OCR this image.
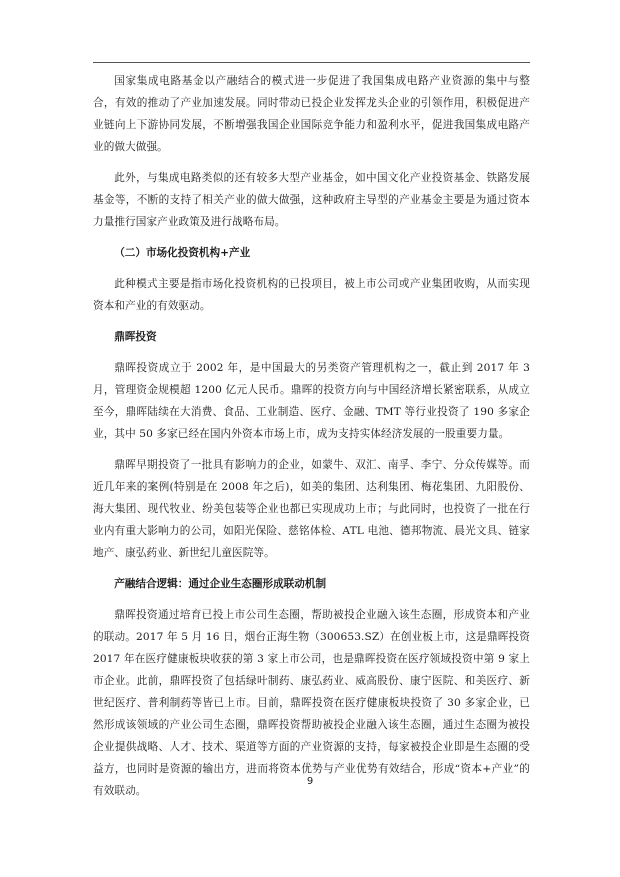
国家集成电路基金以产融结合的模式进一步促进了我国集成电路产业资源的集中与整合，有效的推动了产业加速发展。同时带动已投企业发挥龙头企业的引领作用，积极促进产业链向上下游协同发展，不断增强我国企业国际竞争能力和盈利水平，促进我国集成电路产业的做大做强。

此外，与集成电路类似的还有较多大型产业基金，如中国文化产业投资基金、铁路发展基金等，不断的支持了相关产业的做大做强，这种政府主导型的产业基金主要是为通过资本力量推行国家产业政策及进行战略布局。

（二）市场化投资机构+产业

此种模式主要是指市场化投资机构的已投项目，被上市公司或产业集团收购，从而实现资本和产业的有效驱动。

鼎晖投资

鼎晖投资成立于 2002 年，是中国最大的另类资产管理机构之一，截止到 2017 年 3 月，管理资金规模超 1200 亿元人民币。鼎晖的投资方向与中国经济增长紧密联系，从成立至今，鼎晖陆续在大消费、食品、工业制造、医疗、金融、TMT 等行业投资了 190 多家企业，其中 50 多家已经在国内外资本市场上市，成为支持实体经济发展的一股重要力量。

鼎晖早期投资了一批具有影响力的企业，如蒙牛、双汇、南孚、李宁、分众传媒等。而近几年来的案例(特别是在 2008 年之后)，如美的集团、达利集团、梅花集团、九阳股份、海大集团、现代牧业、纷美包装等企业也都已实现成功上市；与此同时，也投资了一批在行业内有重大影响力的公司，如阳光保险、慈铭体检、ATL 电池、德邦物流、晨光文具、链家地产、康弘药业、新世纪儿童医院等。

产融结合逻辑：通过企业生态圈形成联动机制

鼎晖投资通过培育已投上市公司生态圈，帮助被投企业融入该生态圈，形成资本和产业的联动。2017 年 5 月 16 日，烟台正海生物（300653.SZ）在创业板上市，这是鼎晖投资 2017 年在医疗健康板块收获的第 3 家上市公司，也是鼎晖投资在医疗领域投资中第 9 家上市企业。此前，鼎晖投资了包括绿叶制药、康弘药业、威高股份、康宁医院、和美医疗、新世纪医疗、普利制药等皆已上市。目前，鼎晖投资在医疗健康板块投资了 30 多家企业，已然形成该领域的产业公司生态圈，鼎晖投资帮助被投企业融入该生态圈，通过生态圈为被投企业提供战略、人才、技术、渠道等方面的产业资源的支持，每家被投企业即是生态圈的受益方，也同时是资源的输出方，进而将资本优势与产业优势有效结合，形成“资本+产业”的有效联动。

9
